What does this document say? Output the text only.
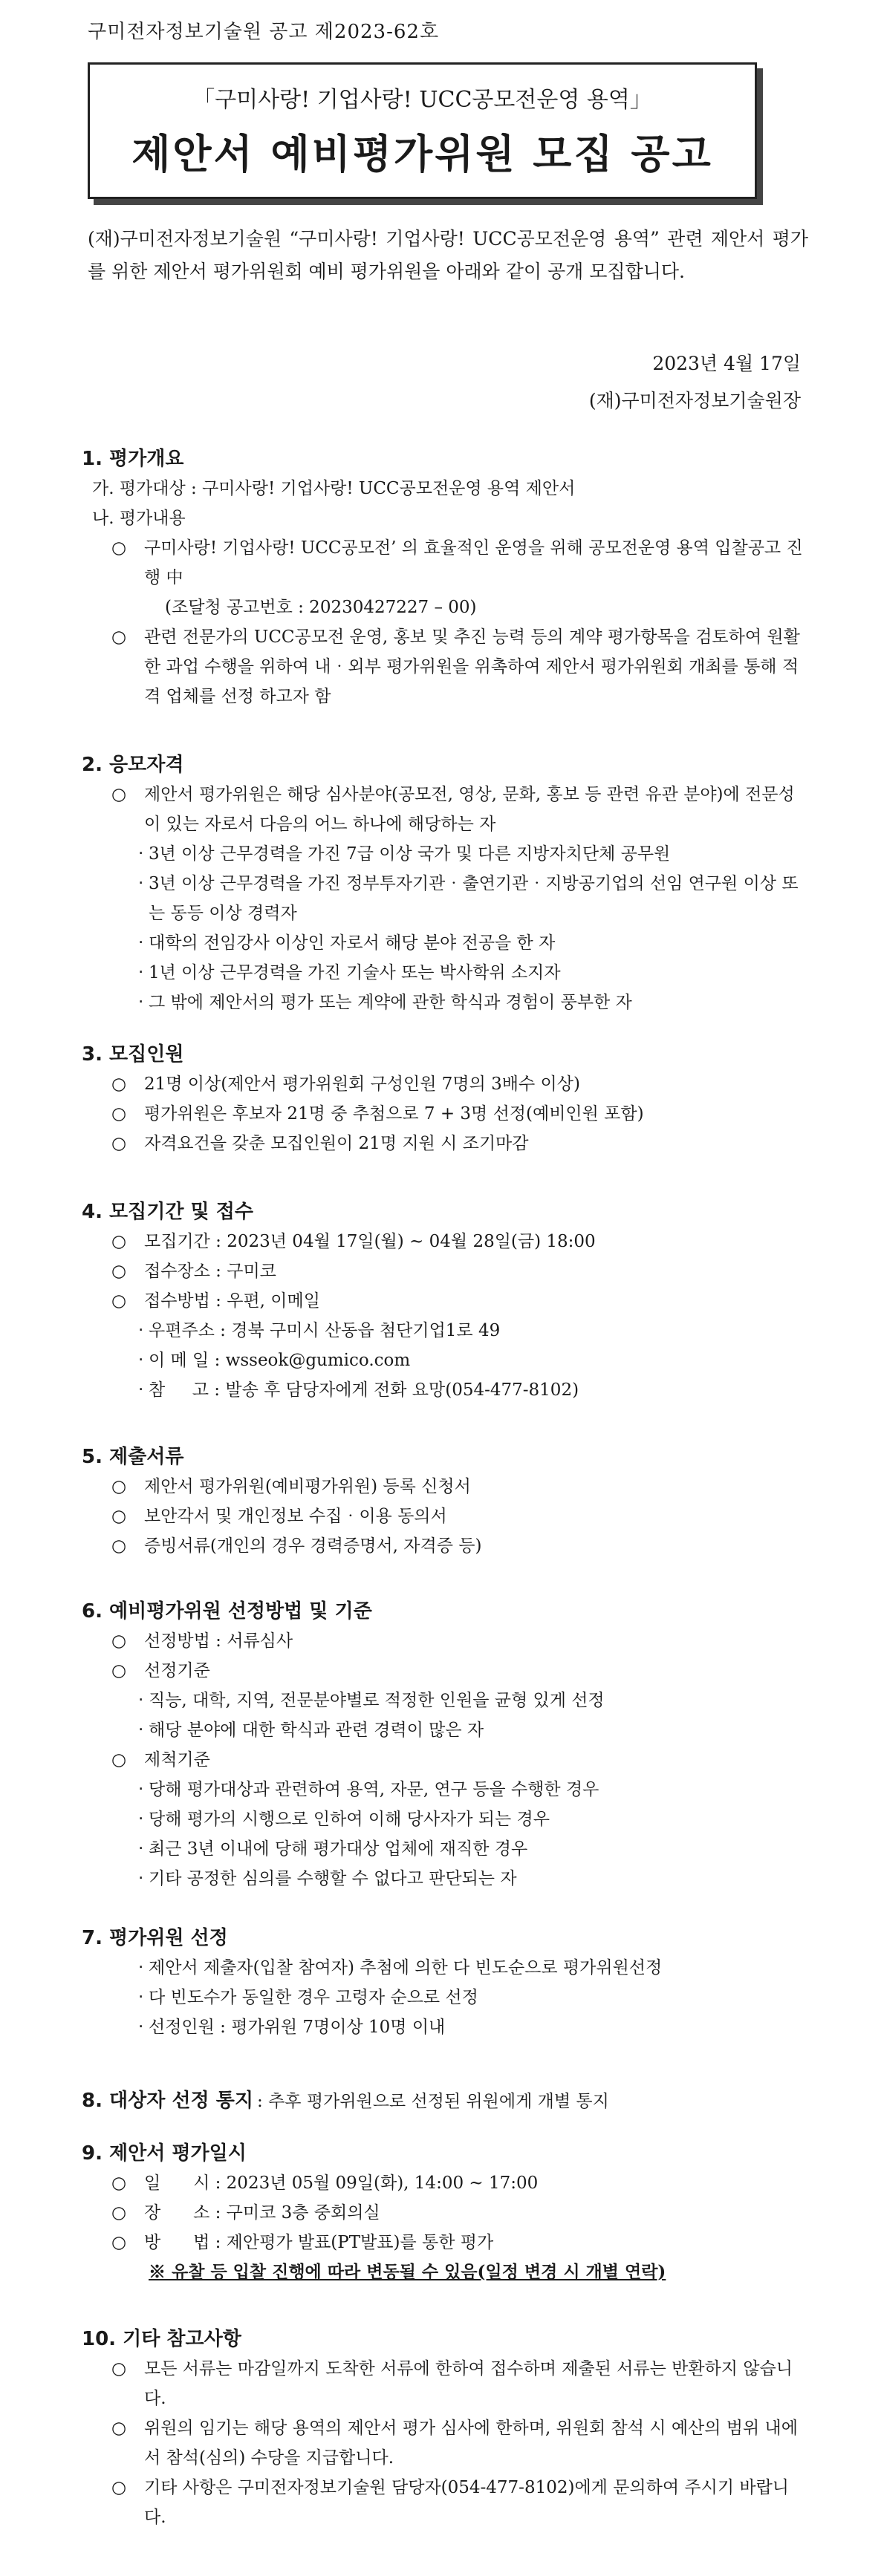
구미전자정보기술원 공고 제2023-62호
「구미사랑! 기업사랑! UCC공모전운영 용역」
제안서 예비평가위원 모집 공고
(재)구미전자정보기술원 “구미사랑! 기업사랑! UCC공모전운영 용역” 관련 제안서 평가를 위한 제안서 평가위원회 예비 평가위원을 아래와 같이 공개 모집합니다.
2023년 4월 17일
(재)구미전자정보기술원장
1. 평가개요
가. 평가대상 : 구미사랑! 기업사랑! UCC공모전운영 용역 제안서
나. 평가내용
○	구미사랑! 기업사랑! UCC공모전’ 의 효율적인 운영을 위해 공모전운영 용역 입찰공고 진행 中
(조달청 공고번호 : 20230427227 – 00)
○	관련 전문가의 UCC공모전 운영, 홍보 및 추진 능력 등의 계약 평가항목을 검토하여 원활한 과업 수행을 위하여 내‧외부 평가위원을 위촉하여 제안서 평가위원회 개최를 통해 적격 업체를 선정 하고자 함
2. 응모자격
○	제안서 평가위원은 해당 심사분야(공모전, 영상, 문화, 홍보 등 관련 유관 분야)에 전문성이 있는 자로서 다음의 어느 하나에 해당하는 자
‧ 3년 이상 근무경력을 가진 7급 이상 국가 및 다른 지방자치단체 공무원
‧ 3년 이상 근무경력을 가진 정부투자기관‧출연기관‧지방공기업의 선임 연구원 이상 또는 동등 이상 경력자
‧ 대학의 전임강사 이상인 자로서 해당 분야 전공을 한 자
‧ 1년 이상 근무경력을 가진 기술사 또는 박사학위 소지자
‧ 그 밖에 제안서의 평가 또는 계약에 관한 학식과 경험이 풍부한 자
3. 모집인원
○	21명 이상(제안서 평가위원회 구성인원 7명의 3배수 이상)
○	평가위원은 후보자 21명 중 추첨으로 7 + 3명 선정(예비인원 포함)
○	자격요건을 갖춘 모집인원이 21명 지원 시 조기마감
4. 모집기간 및 접수
○	모집기간 : 2023년 04월 17일(월) ~ 04월 28일(금) 18:00
○	접수장소 : 구미코
○	접수방법 : 우편, 이메일
‧ 우편주소 : 경북 구미시 산동읍 첨단기업1로 49
‧ 이 메 일 : wsseok@gumico.com
‧ 참     고 : 발송 후 담당자에게 전화 요망(054-477-8102)
5. 제출서류
○	제안서 평가위원(예비평가위원) 등록 신청서
○	보안각서 및 개인정보 수집‧이용 동의서
○	증빙서류(개인의 경우 경력증명서, 자격증 등)
6. 예비평가위원 선정방법 및 기준
○	선정방법 : 서류심사
○	선정기준
‧ 직능, 대학, 지역, 전문분야별로 적정한 인원을 균형 있게 선정
‧ 해당 분야에 대한 학식과 관련 경력이 많은 자
○	제척기준
‧ 당해 평가대상과 관련하여 용역, 자문, 연구 등을 수행한 경우
‧ 당해 평가의 시행으로 인하여 이해 당사자가 되는 경우
‧ 최근 3년 이내에 당해 평가대상 업체에 재직한 경우
‧ 기타 공정한 심의를 수행할 수 없다고 판단되는 자
7. 평가위원 선정
‧ 제안서 제출자(입찰 참여자) 추첨에 의한 다 빈도순으로 평가위원선정
‧ 다 빈도수가 동일한 경우 고령자 순으로 선정
‧ 선정인원 : 평가위원 7명이상 10명 이내
8. 대상자 선정 통지 : 추후 평가위원으로 선정된 위원에게 개별 통지
9. 제안서 평가일시
○	일      시 : 2023년 05월 09일(화), 14:00 ~ 17:00
○	장      소 : 구미코 3층 중회의실
○	방      법 : 제안평가 발표(PT발표)를 통한 평가
※ 유찰 등 입찰 진행에 따라 변동될 수 있음(일정 변경 시 개별 연락)
10. 기타 참고사항
○	모든 서류는 마감일까지 도착한 서류에 한하여 접수하며 제출된 서류는 반환하지 않습니다.
○	위원의 임기는 해당 용역의 제안서 평가 심사에 한하며, 위원회 참석 시 예산의 범위 내에서 참석(심의) 수당을 지급합니다.
○	기타 사항은 구미전자정보기술원 담당자(054-477-8102)에게 문의하여 주시기 바랍니다.
